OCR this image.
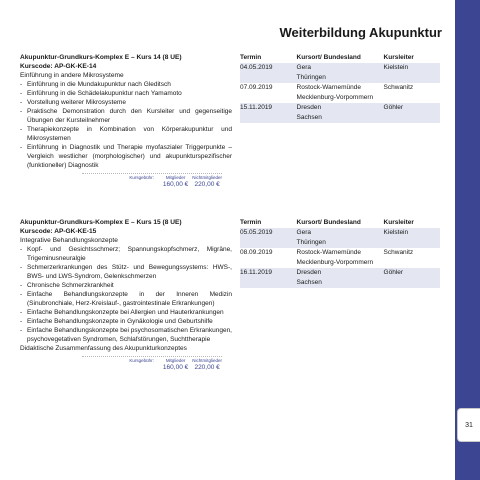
31
Weiterbildung Akupunktur
Akupunktur-Grundkurs-Komplex E – Kurs 14 (8 UE)
Kurscode: AP-GK-KE-14
Einführung in andere Mikrosysteme
- Einführung in die Mundakupunktur nach Gleditsch
- Einführung in die Schädelakupunktur nach Yamamoto
- Vorstellung weiterer Mikrosysteme
- Praktische Demonstration durch den Kursleiter und gegenseitige Übungen der Kursteilnehmer
- Therapiekonzepte in Kombination von Körperakupunktur und Mikrosystemen
- Einführung in Diagnostik und Therapie myofaszialer Triggerpunkte – Vergleich westlicher (morphologischer) und akupunkturspezifischer (funktioneller) Diagnostik
Kursgebühr:	Mitglieder
160,00 €
Nichtmitglieder
220,00 €
Termin	Kursort/ Bundesland	Kursleiter
04.05.2019	Gera	Kielstein
	Thüringen	
07.09.2019	Rostock-Warnemünde	Schwanitz
	Mecklenburg-Vorpommern	
15.11.2019	Dresden	Göhler
	Sachsen	
Akupunktur-Grundkurs-Komplex E – Kurs 15 (8 UE)
Kurscode: AP-GK-KE-15
Integrative Behandlungskonzepte
- Kopf- und Gesichtsschmerz; Spannungskopfschmerz, Migräne, Trigeminusneuralgie
- Schmerzerkrankungen des Stütz- und Bewegungssystems: HWS-, BWS- und LWS-Syndrom, Gelenkschmerzen
- Chronische Schmerzkrankheit
- Einfache Behandlungskonzepte in der Inneren Medizin (Sinubronchiale, Herz-Kreislauf-, gastrointestinale Erkrankungen)
- Einfache Behandlungskonzepte bei Allergien und Hauterkrankungen
- Einfache Behandlungskonzepte in Gynäkologie und Geburtshilfe
- Einfache Behandlungskonzepte bei psychosomatischen Erkrankungen, psychovegetativen Syndromen, Schlafstörungen, Suchttherapie
Didaktische Zusammenfassung des Akupunkturkonzeptes
Kursgebühr:	Mitglieder
160,00 €
Nichtmitglieder
220,00 €
Termin	Kursort/ Bundesland	Kursleiter
05.05.2019	Gera	Kielstein
	Thüringen	
08.09.2019	Rostock-Warnemünde	Schwanitz
	Mecklenburg-Vorpommern	
16.11.2019	Dresden	Göhler
	Sachsen	
